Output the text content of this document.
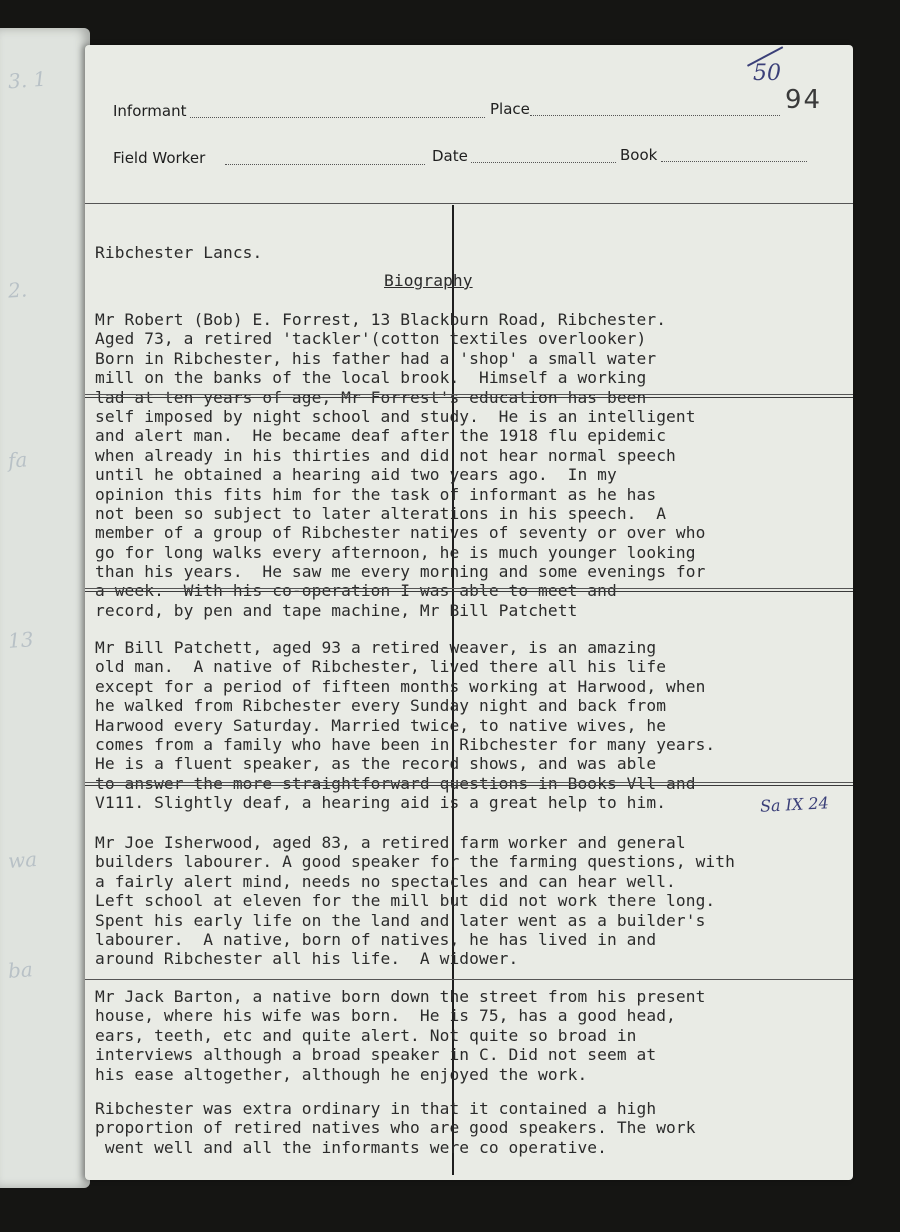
3. 1
2.
fa
13
wa
ba
Informant	Place
Field Worker	Date	Book
50
94
Ribchester Lancs.
Biography
Mr Robert (Bob) E. Forrest, 13 Blackburn Road, Ribchester.
Aged 73, a retired 'tackler'(cotton textiles overlooker)
Born in Ribchester, his father had a 'shop' a small water
mill on the banks of the local brook.  Himself a working
lad at ten years of age, Mr Forrest's education has been
self imposed by night school and study.  He is an intelligent
and alert man.  He became deaf after the 1918 flu epidemic
when already in his thirties and did not hear normal speech
until he obtained a hearing aid two years ago.  In my
opinion this fits him for the task of informant as he has
not been so subject to later alterations in his speech.  A
member of a group of Ribchester natives of seventy or over who
go for long walks every afternoon, he is much younger looking
than his years.  He saw me every morning and some evenings for
a week.  With his co-operation I was able to meet and
record, by pen and tape machine, Mr Bill Patchett
Mr Bill Patchett, aged 93 a retired weaver, is an amazing
old man.  A native of Ribchester, lived there all his life
except for a period of fifteen months working at Harwood, when
he walked from Ribchester every Sunday night and back from
Harwood every Saturday. Married twice, to native wives, he
comes from a family who have been in Ribchester for many years.
He is a fluent speaker, as the record shows, and was able
to answer the more straightforward questions in Books Vll and
V111. Slightly deaf, a hearing aid is a great help to him.	Sa IX 24
Mr Joe Isherwood, aged 83, a retired farm worker and general
builders labourer. A good speaker for the farming questions, with
a fairly alert mind, needs no spectacles and can hear well.
Left school at eleven for the mill but did not work there long.
Spent his early life on the land and later went as a builder's
labourer.  A native, born of natives, he has lived in and
around Ribchester all his life.  A widower.
Mr Jack Barton, a native born down the street from his present
house, where his wife was born.  He is 75, has a good head,
ears, teeth, etc and quite alert. Not quite so broad in
interviews although a broad speaker in C. Did not seem at
his ease altogether, although he enjoyed the work.
Ribchester was extra ordinary in that it contained a high
proportion of retired natives who are good speakers. The work
went well and all the informants were co operative.
